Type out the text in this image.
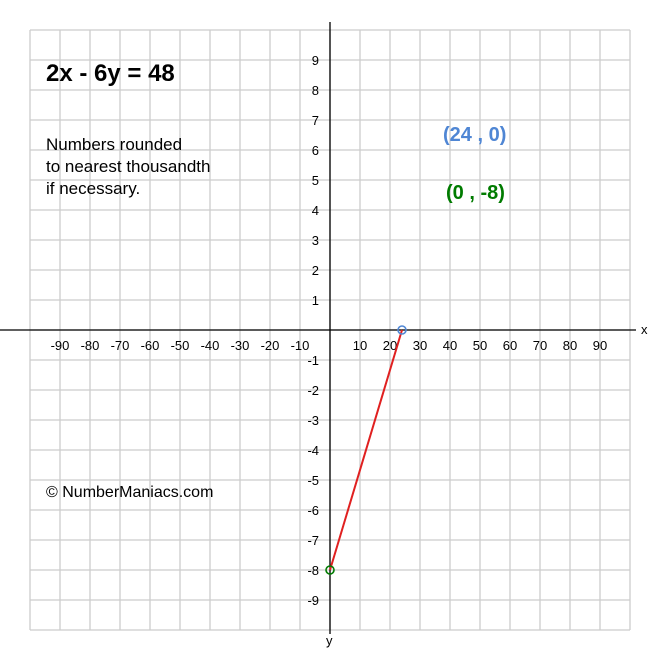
x
y
-90 -80 -70 -60 -50 -40 -30 -20 -10	10 20 30 40 50 60 70 80 90
9
8
7
6
5
4
3
2
1
-1
-2
-3
-4
-5
-6
-7
-8
-9
2x - 6y = 48
Numbers rounded
to nearest thousandth
if necessary.
(24 , 0)
(0 , -8)
© NumberManiacs.com
